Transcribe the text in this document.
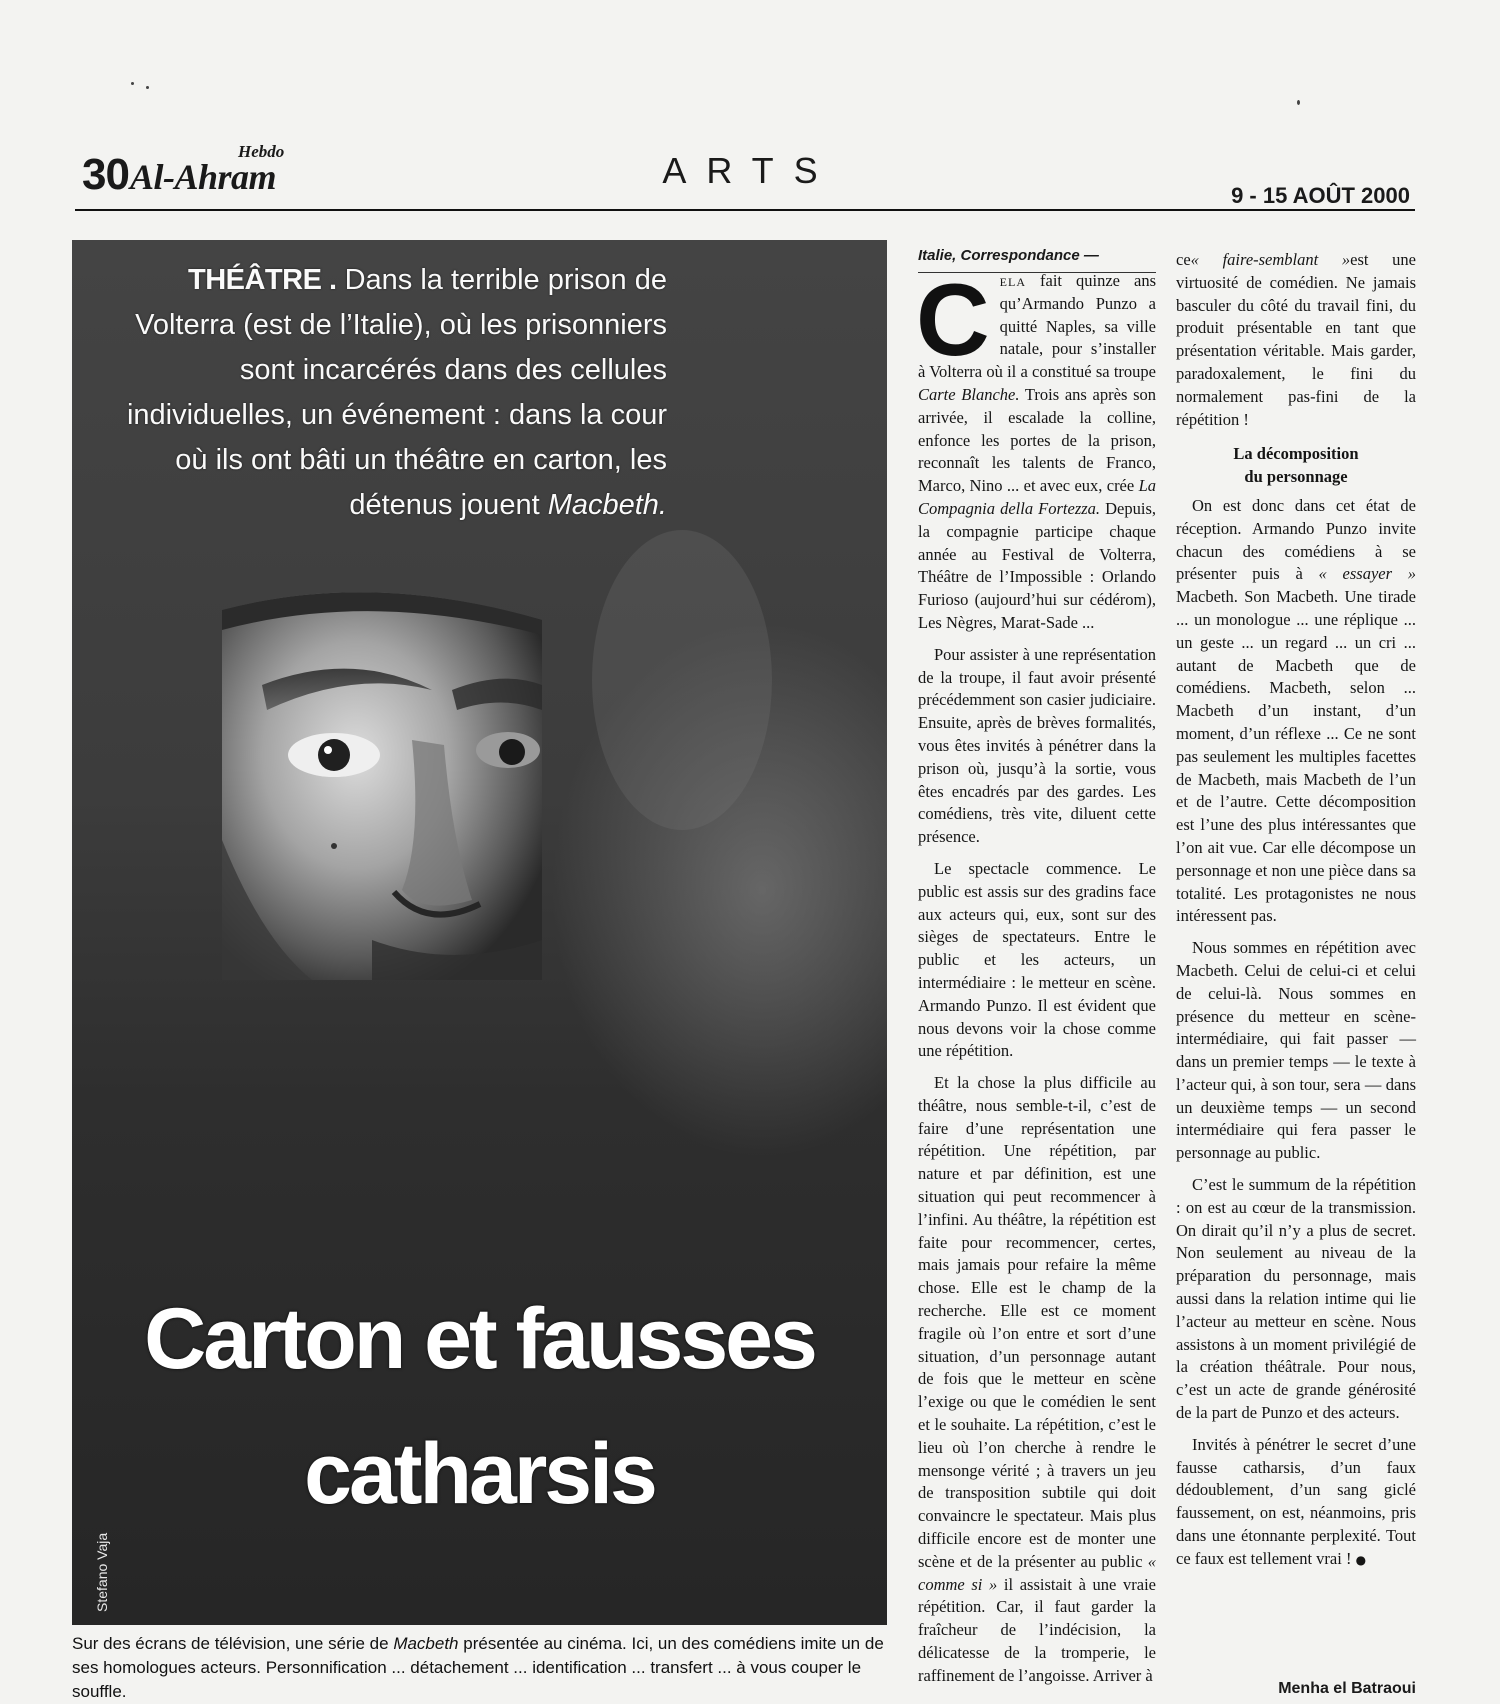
30	Hebdo
Al-Ahram	ARTS
9 - 15 AOÛT 2000
THÉÂTRE . Dans la terrible prison de Volterra (est de l’Italie), où les prisonniers sont incarcérés dans des cellules individuelles, un événement : dans la cour où ils ont bâti un théâtre en carton, les détenus jouent Macbeth.
Carton et fausses
catharsis
Stefano Vaja
Sur des écrans de télévision, une série de Macbeth présentée au cinéma. Ici, un des comédiens imite un de ses homologues acteurs. Personnification ... détachement ... identification ... transfert ... à vous couper le souffle.
Italie, Correspondance —

C ela fait quinze ans qu’Armando Punzo a quitté Naples, sa ville natale, pour s’installer à Volterra où il a constitué sa troupe Carte Blanche. Trois ans après son arrivée, il escalade la colline, enfonce les portes de la prison, reconnaît les talents de Franco, Marco, Nino ... et avec eux, crée La Compagnia della Fortezza. Depuis, la compagnie participe chaque année au Festival de Volterra, Théâtre de l’Impossible : Orlando Furioso (aujourd’hui sur cédérom), Les Nègres, Marat-Sade ...

Pour assister à une représentation de la troupe, il faut avoir présenté précédemment son casier judiciaire. Ensuite, après de brèves formalités, vous êtes invités à pénétrer dans la prison où, jusqu’à la sortie, vous êtes encadrés par des gardes. Les comédiens, très vite, diluent cette présence.

Le spectacle commence. Le public est assis sur des gradins face aux acteurs qui, eux, sont sur des sièges de spectateurs. Entre le public et les acteurs, un intermédiaire : le metteur en scène. Armando Punzo. Il est évident que nous devons voir la chose comme une répétition.

Et la chose la plus difficile au théâtre, nous semble-t-il, c’est de faire d’une représentation une répétition. Une répétition, par nature et par définition, est une situation qui peut recommencer à l’infini. Au théâtre, la répétition est faite pour recommencer, certes, mais jamais pour refaire la même chose. Elle est le champ de la recherche. Elle est ce moment fragile où l’on entre et sort d’une situation, d’un personnage autant de fois que le metteur en scène l’exige ou que le comédien le sent et le souhaite. La répétition, c’est le lieu où l’on cherche à rendre le mensonge vérité ; à travers un jeu de transposition subtile qui doit convaincre le spectateur. Mais plus difficile encore est de monter une scène et de la présenter au public « comme si » il assistait à une vraie répétition. Car, il faut garder la fraîcheur de l’indécision, la délicatesse de la tromperie, le raffinement de l’angoisse. Arriver à

ce« faire-semblant »est une virtuosité de comédien. Ne jamais basculer du côté du travail fini, du produit présentable en tant que présentation véritable. Mais garder, paradoxalement, le fini du normalement pas-fini de la répétition !

La décomposition
du personnage

On est donc dans cet état de réception. Armando Punzo invite chacun des comédiens à se présenter puis à « essayer » Macbeth. Son Macbeth. Une tirade ... un monologue ... une réplique ... un geste ... un regard ... un cri ... autant de Macbeth que de comédiens. Macbeth, selon ... Macbeth d’un instant, d’un moment, d’un réflexe ... Ce ne sont pas seulement les multiples facettes de Macbeth, mais Macbeth de l’un et de l’autre. Cette décomposition est l’une des plus intéressantes que l’on ait vue. Car elle décompose un personnage et non une pièce dans sa totalité. Les protagonistes ne nous intéressent pas.

Nous sommes en répétition avec Macbeth. Celui de celui-ci et celui de celui-là. Nous sommes en présence du metteur en scène-intermédiaire, qui fait passer — dans un premier temps — le texte à l’acteur qui, à son tour, sera — dans un deuxième temps — un second intermédiaire qui fera passer le personnage au public.

C’est le summum de la répétition : on est au cœur de la transmission. On dirait qu’il n’y a plus de secret. Non seulement au niveau de la préparation du personnage, mais aussi dans la relation intime qui lie l’acteur au metteur en scène. Nous assistons à un moment privilégié de la création théâtrale. Pour nous, c’est un acte de grande générosité de la part de Punzo et des acteurs.

Invités à pénétrer le secret d’une fausse catharsis, d’un faux dédoublement, d’un sang giclé faussement, on est, néanmoins, pris dans une étonnante perplexité. Tout ce faux est tellement vrai ! ●

Menha el Batraoui
